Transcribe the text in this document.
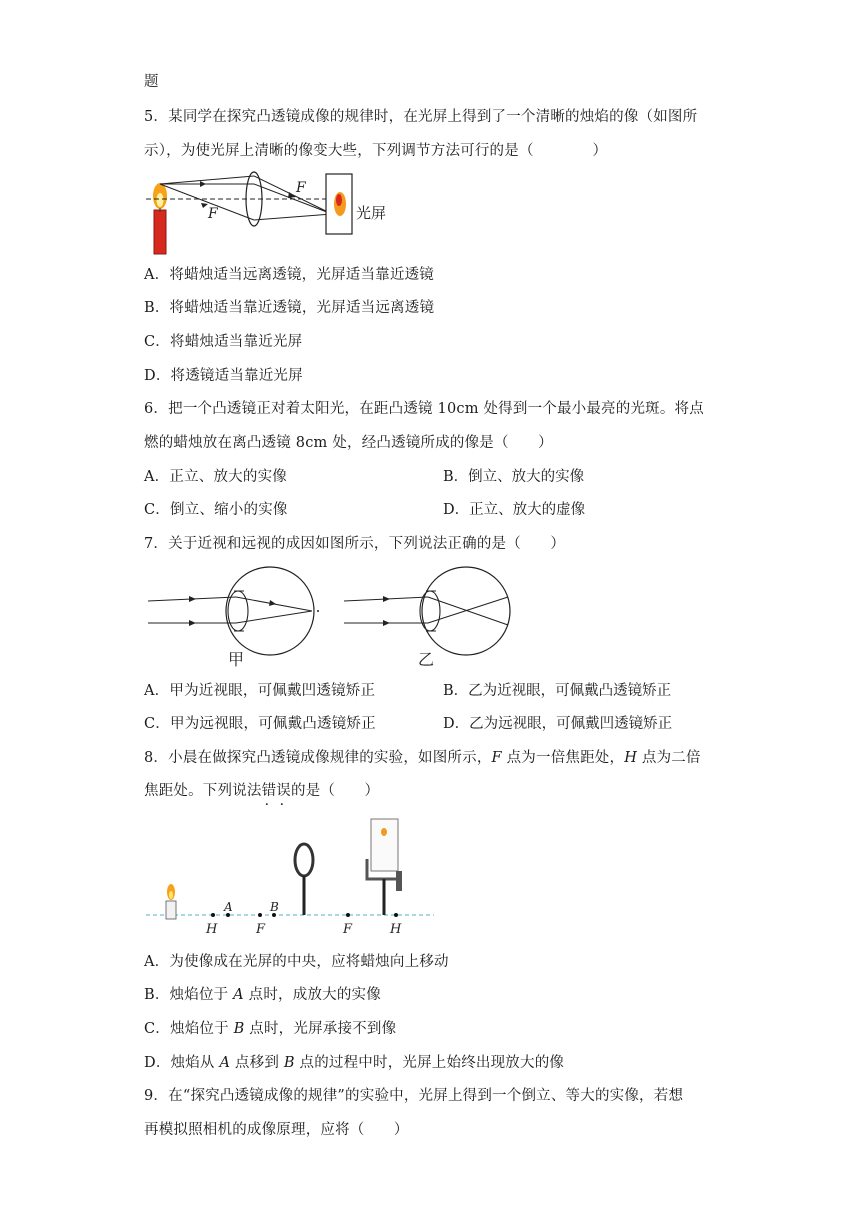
题
5．某同学在探究凸透镜成像的规律时，在光屏上得到了一个清晰的烛焰的像（如图所
示），为使光屏上清晰的像变大些，下列调节方法可行的是（　　　　）
F
F	光屏
A．将蜡烛适当远离透镜，光屏适当靠近透镜
B．将蜡烛适当靠近透镜，光屏适当远离透镜
C．将蜡烛适当靠近光屏
D．将透镜适当靠近光屏
6．把一个凸透镜正对着太阳光，在距凸透镜 10cm 处得到一个最小最亮的光斑。将点
燃的蜡烛放在离凸透镜 8cm 处，经凸透镜所成的像是（　　）
A．正立、放大的实像	B．倒立、放大的实像
C．倒立、缩小的实像	D．正立、放大的虚像
7．关于近视和远视的成因如图所示，下列说法正确的是（　　）
甲	乙
A．甲为近视眼，可佩戴凹透镜矫正	B．乙为近视眼，可佩戴凸透镜矫正
C．甲为远视眼，可佩戴凸透镜矫正	D．乙为远视眼，可佩戴凹透镜矫正
8．小晨在做探究凸透镜成像规律的实验，如图所示，F 点为一倍焦距处，H 点为二倍
焦距处。下列说法错误
· ·
的是（　　）
H
A
F
B
F	H
A．为使像成在光屏的中央，应将蜡烛向上移动
B．烛焰位于 A 点时，成放大的实像
C．烛焰位于 B 点时，光屏承接不到像
D．烛焰从 A 点移到 B 点的过程中时，光屏上始终出现放大的像
9．在“探究凸透镜成像的规律”的实验中，光屏上得到一个倒立、等大的实像，若想
再模拟照相机的成像原理，应将（　　）
